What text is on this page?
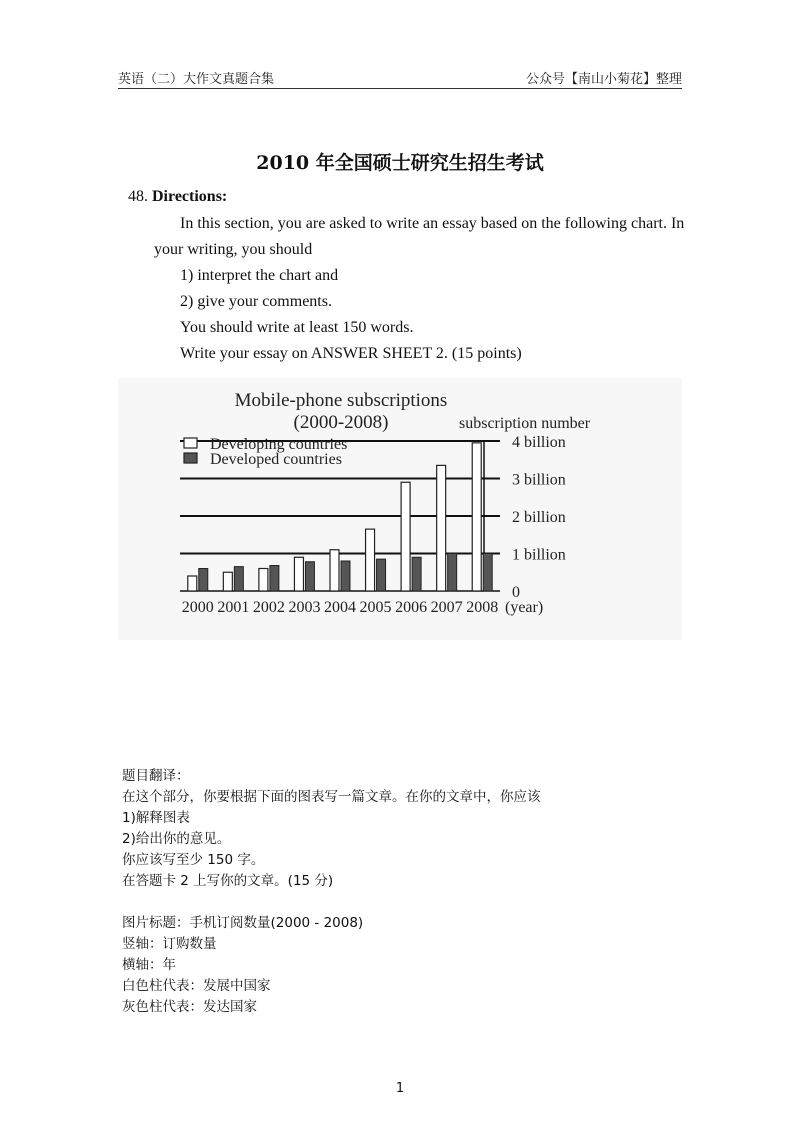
英语（二）大作文真题合集	公众号【南山小菊花】整理
2010 年全国硕士研究生招生考试
48. Directions:
In this section, you are asked to write an essay based on the following chart. In
your writing, you should
1) interpret the chart and
2) give your comments.
You should write at least 150 words.
Write your essay on ANSWER SHEET 2. (15 points)
Mobile-phone subscriptions
(2000-2008)	subscription number
(year)
Developing countries
Developed countries
0
1 billion
2 billion
3 billion
4 billion
2000 2001 2002 2003 2004 2005 2006 2007 2008
题目翻译：
在这个部分，你要根据下面的图表写一篇文章。在你的文章中，你应该
1)解释图表
2)给出你的意见。
你应该写至少 150 字。
在答题卡 2 上写你的文章。(15 分)
图片标题：手机订阅数量(2000 - 2008)
竖轴：订购数量
横轴：年
白色柱代表：发展中国家
灰色柱代表：发达国家
1
